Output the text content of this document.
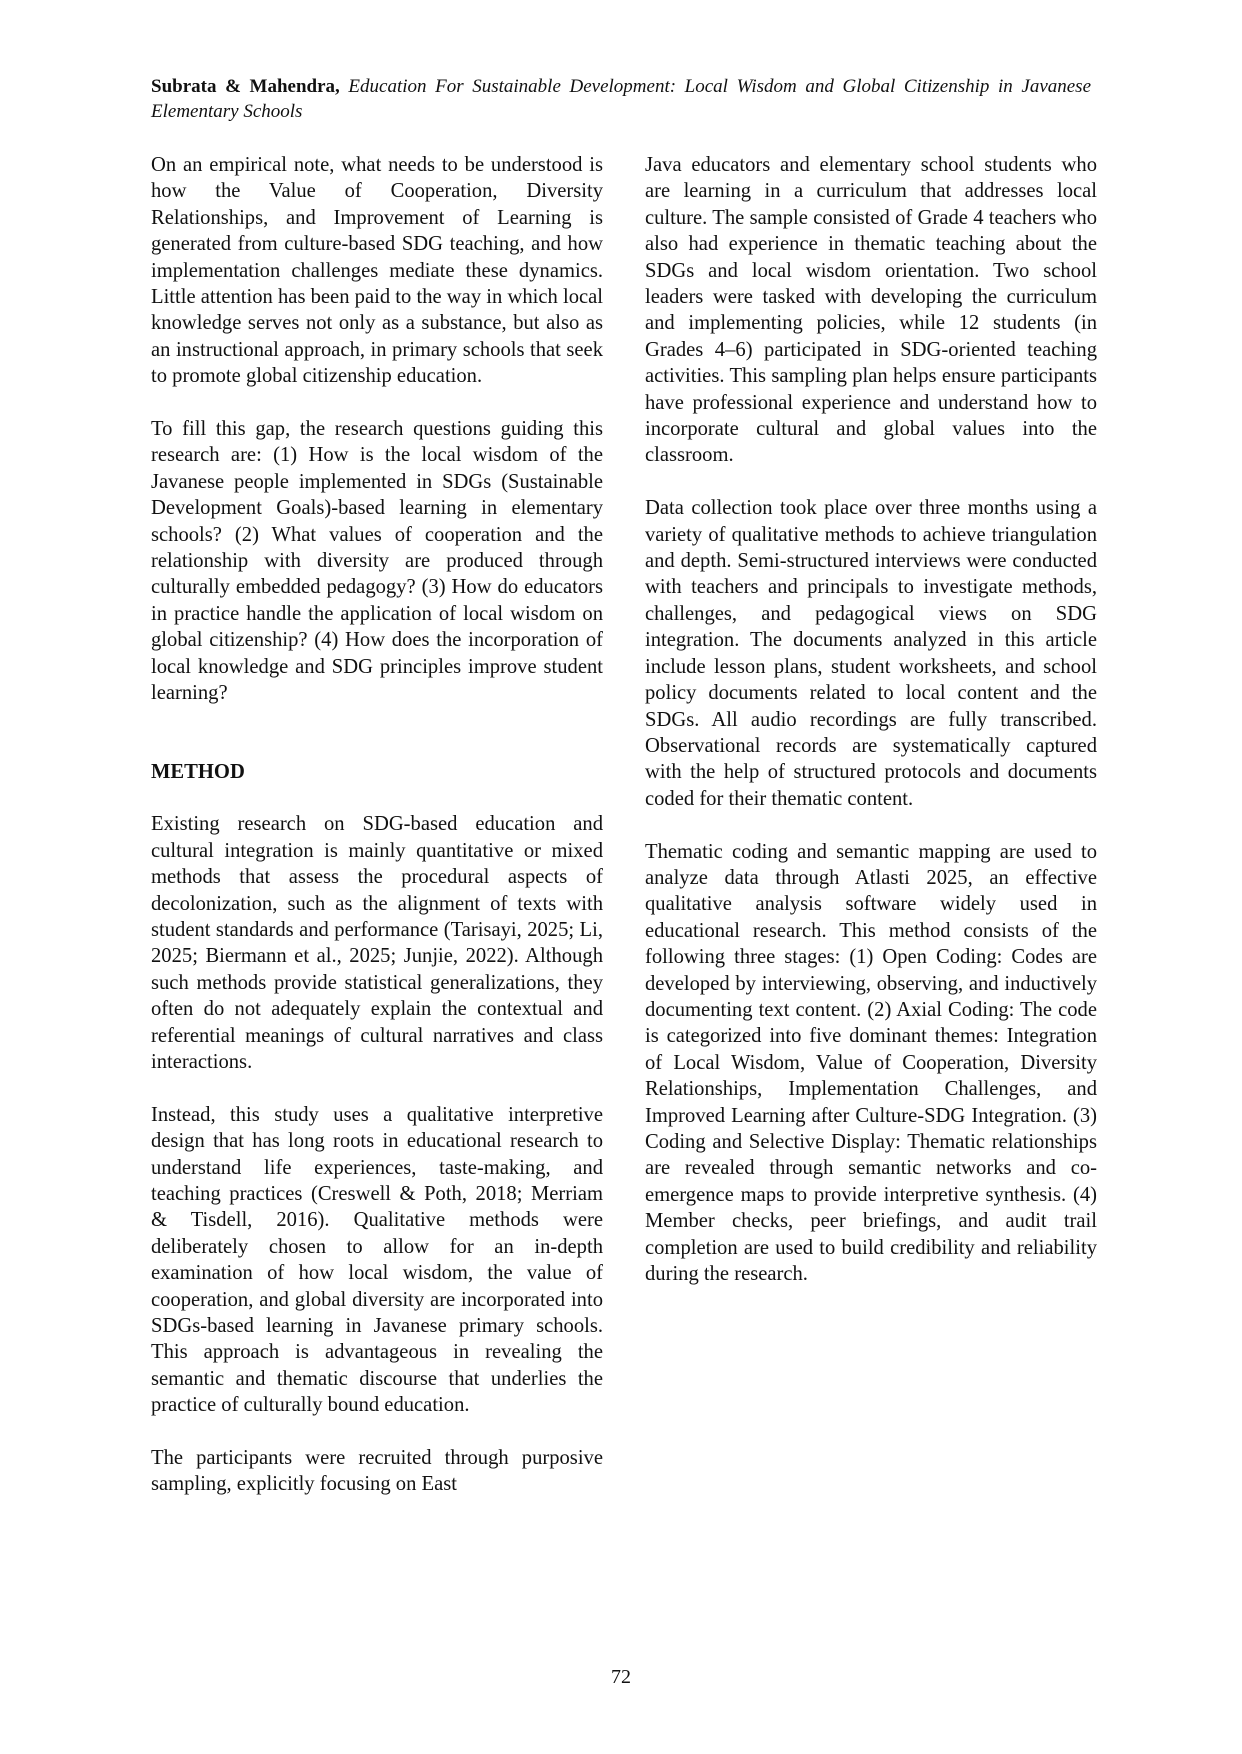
Subrata & Mahendra, Education For Sustainable Development: Local Wisdom and Global Citizenship in Javanese Elementary Schools

On an empirical note, what needs to be understood is how the Value of Cooperation, Diversity Relationships, and Improvement of Learning is generated from culture-based SDG teaching, and how implementation challenges mediate these dynamics. Little attention has been paid to the way in which local knowledge serves not only as a substance, but also as an instructional approach, in primary schools that seek to promote global citizenship education.

To fill this gap, the research questions guiding this research are: (1) How is the local wisdom of the Javanese people implemented in SDGs (Sustainable Development Goals)-based learning in elementary schools? (2) What values of cooperation and the relationship with diversity are produced through culturally embedded pedagogy? (3) How do educators in practice handle the application of local wisdom on global citizenship? (4) How does the incorporation of local knowledge and SDG principles improve student learning?

METHOD

Existing research on SDG-based education and cultural integration is mainly quantitative or mixed methods that assess the procedural aspects of decolonization, such as the alignment of texts with student standards and performance (Tarisayi, 2025; Li, 2025; Biermann et al., 2025; Junjie, 2022). Although such methods provide statistical generalizations, they often do not adequately explain the contextual and referential meanings of cultural narratives and class interactions.

Instead, this study uses a qualitative interpretive design that has long roots in educational research to understand life experiences, taste-making, and teaching practices (Creswell & Poth, 2018; Merriam & Tisdell, 2016). Qualitative methods were deliberately chosen to allow for an in-depth examination of how local wisdom, the value of cooperation, and global diversity are incorporated into SDGs-based learning in Javanese primary schools. This approach is advantageous in revealing the semantic and thematic discourse that underlies the practice of culturally bound education.

The participants were recruited through purposive sampling, explicitly focusing on East

Java educators and elementary school students who are learning in a curriculum that addresses local culture. The sample consisted of Grade 4 teachers who also had experience in thematic teaching about the SDGs and local wisdom orientation. Two school leaders were tasked with developing the curriculum and implementing policies, while 12 students (in Grades 4–6) participated in SDG-oriented teaching activities. This sampling plan helps ensure participants have professional experience and understand how to incorporate cultural and global values into the classroom.

Data collection took place over three months using a variety of qualitative methods to achieve triangulation and depth. Semi-structured interviews were conducted with teachers and principals to investigate methods, challenges, and pedagogical views on SDG integration. The documents analyzed in this article include lesson plans, student worksheets, and school policy documents related to local content and the SDGs. All audio recordings are fully transcribed. Observational records are systematically captured with the help of structured protocols and documents coded for their thematic content.

Thematic coding and semantic mapping are used to analyze data through Atlasti 2025, an effective qualitative analysis software widely used in educational research. This method consists of the following three stages: (1) Open Coding: Codes are developed by interviewing, observing, and inductively documenting text content. (2) Axial Coding: The code is categorized into five dominant themes: Integration of Local Wisdom, Value of Cooperation, Diversity Relationships, Implementation Challenges, and Improved Learning after Culture-SDG Integration. (3) Coding and Selective Display: Thematic relationships are revealed through semantic networks and co-emergence maps to provide interpretive synthesis. (4) Member checks, peer briefings, and audit trail completion are used to build credibility and reliability during the research.

72
